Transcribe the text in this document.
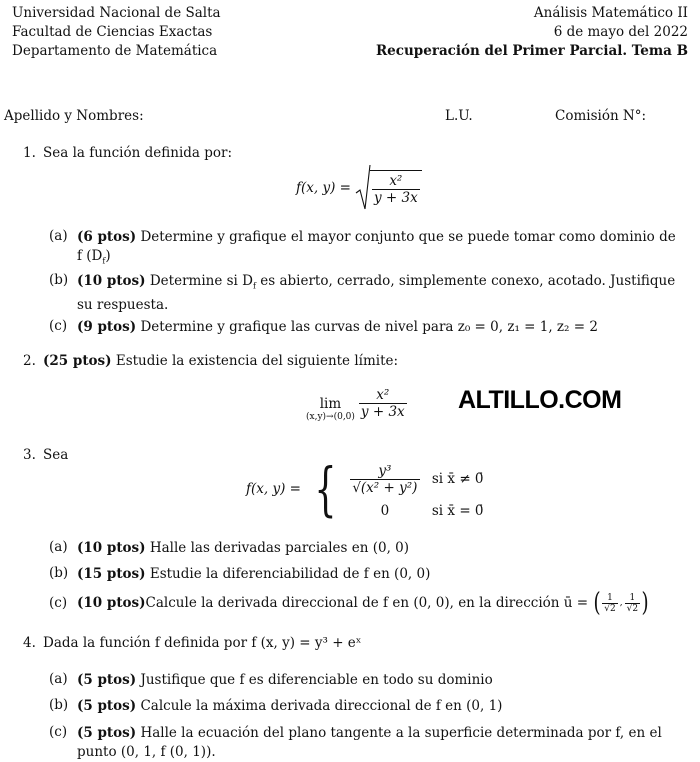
Universidad Nacional de Salta
Facultad de Ciencias Exactas
Departamento de Matemática
Análisis Matemático II
6 de mayo del 2022
Recuperación del Primer Parcial. Tema B
Apellido y Nombres:	L.U.	Comisión N°:
1. Sea la función definida por:
f(x, $y) = \frac{\text{x²}}{y + 3x}$
(a) (6 ptos) Determine y grafique el mayor conjunto que se puede tomar como dominio de f $(D_f)$
(b) (10 ptos) Determine si $D_f$ es abierto, cerrado, simplemente conexo, acotado. Justifique su respuesta.
(c) (9 ptos) Determine y grafique las curvas de nivel para z₀ = 0, z₁ = 1, z₂ = 2
2. (25 ptos) Estudie la existencia del siguiente límite:
lim
$(x,y)\to(0,0) \frac{\text{x²}}{y + 3x}$ ALTILLO.COM
3. Sea
f(x, y) = { $\frac{\text{y³}}{\text{√(x² + y²)}}$ si x̄ ≠ 0̄
0	si x̄ = 0̄
(a) (10 ptos) Halle las derivadas parciales en (0, 0)
(b) (15 ptos) Estudie la diferenciabilidad de f en (0, 0)
(c) (10 ptos) Calcule la derivada direccional de f en (0, 0), en la dirección ū = ( $\frac{1}{√2}$ , $\frac{1}{√2}$ )
4. Dada la función f definida por f (x, y) = y³ + eˣ
(a) (5 ptos) Justifique que f es diferenciable en todo su dominio
(b) (5 ptos) Calcule la máxima derivada direccional de f en (0, 1)
(c) (5 ptos) Halle la ecuación del plano tangente a la superficie determinada por f, en el punto (0, 1, f (0, 1)).
